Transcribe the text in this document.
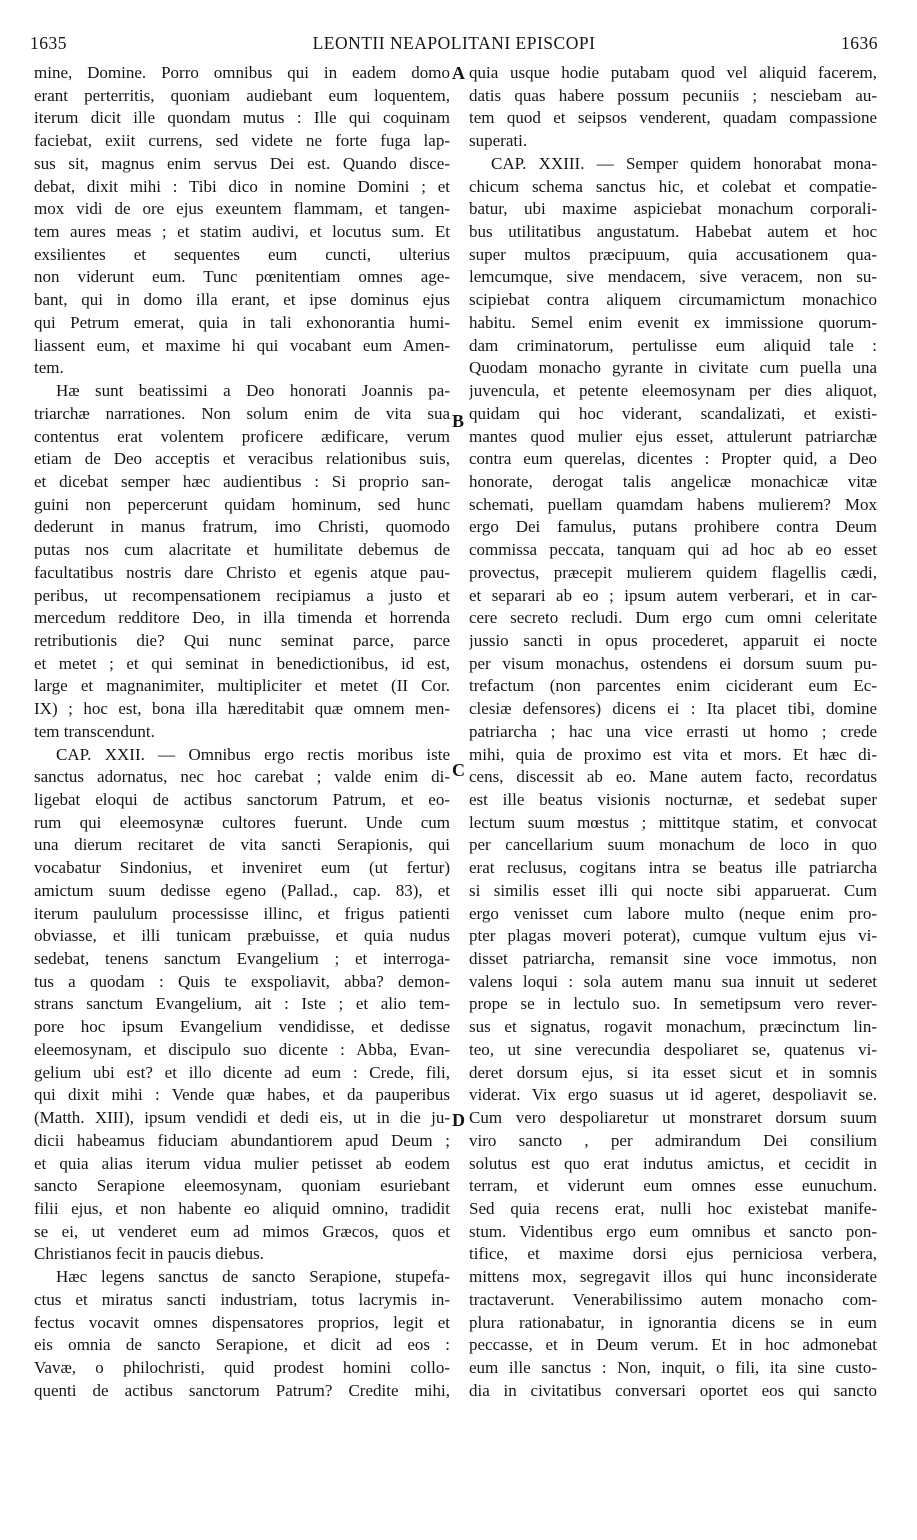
1635	LEONTII NEAPOLITANI EPISCOPI	1636
A
B
C
D
mine, Domine. Porro omnibus qui in eadem domo
erant perterritis, quoniam audiebant eum loquentem,
iterum dicit ille quondam mutus : Ille qui coquinam
faciebat, exiit currens, sed videte ne forte fuga lap-
sus sit, magnus enim servus Dei est. Quando disce-
debat, dixit mihi : Tibi dico in nomine Domini ; et
mox vidi de ore ejus exeuntem flammam, et tangen-
tem aures meas ; et statim audivi, et locutus sum. Et
exsilientes et sequentes eum cuncti, ulterius
non viderunt eum. Tunc pœnitentiam omnes age-
bant, qui in domo illa erant, et ipse dominus ejus
qui Petrum emerat, quia in tali exhonorantia humi-
liassent eum, et maxime hi qui vocabant eum Amen-
tem.
Hæ sunt beatissimi a Deo honorati Joannis pa-
triarchæ narrationes. Non solum enim de vita sua
contentus erat volentem proficere ædificare, verum
etiam de Deo acceptis et veracibus relationibus suis,
et dicebat semper hæc audientibus : Si proprio san-
guini non pepercerunt quidam hominum, sed hunc
dederunt in manus fratrum, imo Christi, quomodo
putas nos cum alacritate et humilitate debemus de
facultatibus nostris dare Christo et egenis atque pau-
peribus, ut recompensationem recipiamus a justo et
mercedum redditore Deo, in illa timenda et horrenda
retributionis die? Qui nunc seminat parce, parce
et metet ; et qui seminat in benedictionibus, id est,
large et magnanimiter, multipliciter et metet (II Cor.
IX) ; hoc est, bona illa hæreditabit quæ omnem men-
tem transcendunt.
CAP. XXII. — Omnibus ergo rectis moribus iste
sanctus adornatus, nec hoc carebat ; valde enim di-
ligebat eloqui de actibus sanctorum Patrum, et eo-
rum qui eleemosynæ cultores fuerunt. Unde cum
una dierum recitaret de vita sancti Serapionis, qui
vocabatur Sindonius, et inveniret eum (ut fertur)
amictum suum dedisse egeno (Pallad., cap. 83), et
iterum paululum processisse illinc, et frigus patienti
obviasse, et illi tunicam præbuisse, et quia nudus
sedebat, tenens sanctum Evangelium ; et interroga-
tus a quodam : Quis te exspoliavit, abba? demon-
strans sanctum Evangelium, ait : Iste ; et alio tem-
pore hoc ipsum Evangelium vendidisse, et dedisse
eleemosynam, et discipulo suo dicente : Abba, Evan-
gelium ubi est? et illo dicente ad eum : Crede, fili,
qui dixit mihi : Vende quæ habes, et da pauperibus
(Matth. XIII), ipsum vendidi et dedi eis, ut in die ju-
dicii habeamus fiduciam abundantiorem apud Deum ;
et quia alias iterum vidua mulier petisset ab eodem
sancto Serapione eleemosynam, quoniam esuriebant
filii ejus, et non habente eo aliquid omnino, tradidit
se ei, ut venderet eum ad mimos Græcos, quos et
Christianos fecit in paucis diebus.
Hæc legens sanctus de sancto Serapione, stupefa-
ctus et miratus sancti industriam, totus lacrymis in-
fectus vocavit omnes dispensatores proprios, legit et
eis omnia de sancto Serapione, et dicit ad eos :
Vavæ, o philochristi, quid prodest homini collo-
quenti de actibus sanctorum Patrum? Credite mihi,
quia usque hodie putabam quod vel aliquid facerem,
datis quas habere possum pecuniis ; nesciebam au-
tem quod et seipsos venderent, quadam compassione
superati.
CAP. XXIII. — Semper quidem honorabat mona-
chicum schema sanctus hic, et colebat et compatie-
batur, ubi maxime aspiciebat monachum corporali-
bus utilitatibus angustatum. Habebat autem et hoc
super multos præcipuum, quia accusationem qua-
lemcumque, sive mendacem, sive veracem, non su-
scipiebat contra aliquem circumamictum monachico
habitu. Semel enim evenit ex immissione quorum-
dam criminatorum, pertulisse eum aliquid tale :
Quodam monacho gyrante in civitate cum puella una
juvencula, et petente eleemosynam per dies aliquot,
quidam qui hoc viderant, scandalizati, et existi-
mantes quod mulier ejus esset, attulerunt patriarchæ
contra eum querelas, dicentes : Propter quid, a Deo
honorate, derogat talis angelicæ monachicæ vitæ
schemati, puellam quamdam habens mulierem? Mox
ergo Dei famulus, putans prohibere contra Deum
commissa peccata, tanquam qui ad hoc ab eo esset
provectus, præcepit mulierem quidem flagellis cædi,
et separari ab eo ; ipsum autem verberari, et in car-
cere secreto recludi. Dum ergo cum omni celeritate
jussio sancti in opus procederet, apparuit ei nocte
per visum monachus, ostendens ei dorsum suum pu-
trefactum (non parcentes enim ciciderant eum Ec-
clesiæ defensores) dicens ei : Ita placet tibi, domine
patriarcha ; hac una vice errasti ut homo ; crede
mihi, quia de proximo est vita et mors. Et hæc di-
cens, discessit ab eo. Mane autem facto, recordatus
est ille beatus visionis nocturnæ, et sedebat super
lectum suum mœstus ; mittitque statim, et convocat
per cancellarium suum monachum de loco in quo
erat reclusus, cogitans intra se beatus ille patriarcha
si similis esset illi qui nocte sibi apparuerat. Cum
ergo venisset cum labore multo (neque enim pro-
pter plagas moveri poterat), cumque vultum ejus vi-
disset patriarcha, remansit sine voce immotus, non
valens loqui : sola autem manu sua innuit ut sederet
prope se in lectulo suo. In semetipsum vero rever-
sus et signatus, rogavit monachum, præcinctum lin-
teo, ut sine verecundia despoliaret se, quatenus vi-
deret dorsum ejus, si ita esset sicut et in somnis
viderat. Vix ergo suasus ut id ageret, despoliavit se.
Cum vero despoliaretur ut monstraret dorsum suum
viro sancto , per admirandum Dei consilium
solutus est quo erat indutus amictus, et cecidit in
terram, et viderunt eum omnes esse eunuchum.
Sed quia recens erat, nulli hoc existebat manife-
stum. Videntibus ergo eum omnibus et sancto pon-
tifice, et maxime dorsi ejus perniciosa verbera,
mittens mox, segregavit illos qui hunc inconsiderate
tractaverunt. Venerabilissimo autem monacho com-
plura rationabatur, in ignorantia dicens se in eum
peccasse, et in Deum verum. Et in hoc admonebat
eum ille sanctus : Non, inquit, o fili, ita sine custo-
dia in civitatibus conversari oportet eos qui sancto
